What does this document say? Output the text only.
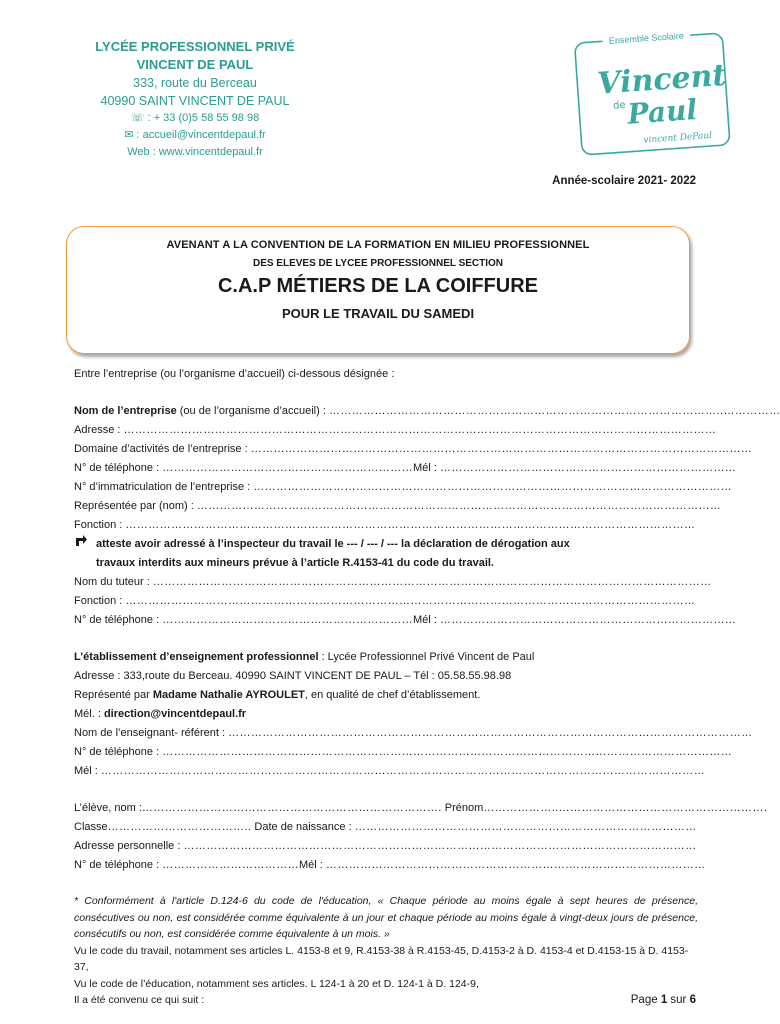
LYCÉE PROFESSIONNEL PRIVÉ
VINCENT DE PAUL
333, route du Berceau
40990 SAINT VINCENT DE PAUL
☏ : + 33 (0)5 58 55 98 98
✉ : accueil@vincentdepaul.fr
Web : www.vincentdepaul.fr
Ensemble Scolaire
Vincent
de Paul
vincent DePaul
Année-scolaire 2021- 2022
AVENANT A LA CONVENTION DE LA FORMATION EN MILIEU PROFESSIONNEL
DES ELEVES DE LYCEE PROFESSIONNEL SECTION
C.A.P MÉTIERS DE LA COIFFURE
POUR LE TRAVAIL DU SAMEDI
Entre l’entreprise (ou l’organisme d’accueil) ci-dessous désignée :
Nom de l’entreprise (ou de l’organisme d’accueil) : …………………………………………………………………………………………..……………
Adresse : …………………………………………………………………………………………………………………………………………
Domaine d’activités de l’entreprise : ……………………………………………………………………………………………………………………
N° de téléphone : …………………………………………………………Mél : ……………………………………………………………………
N° d’immatriculation de l’entreprise : ………………………………………………………………………………………………………………
Représentée par (nom) : …………………………………………………………………………………………………………………………
Fonction : ……………………………………………………………………………………………………………………………………
atteste avoir adressé à l’inspecteur du travail le --- / --- / --- la déclaration de dérogation aux
travaux interdits aux mineurs prévue à l’article R.4153-41 du code du travail.
Nom du tuteur : …………………………………………………………………………………………………………………………………
Fonction : ……………………………………………………………………………………………………………………………………
N° de téléphone : …………………………………………………………Mél : ……………………………………………………………………
L’établissement d’enseignement professionnel : Lycée Professionnel Privé Vincent de Paul
Adresse : 333,route du Berceau. 40990 SAINT VINCENT DE PAUL – Tél : 05.58.55.98.98
Représenté par Madame Nathalie AYROULET, en qualité de chef d’établissement.
Mél. : direction@vincentdepaul.fr
Nom de l’enseignant- référent : …………………………………………………………………………………………………………………………
N° de téléphone : ……………………………………………………………………………………………………………………………………
Mél : ……………………………………………………………………………………………………………………………………………
L’élève, nom :……………………………………………………………………. Prénom………………..……………………………………………….
Classe……………………………….. Date de naissance : ………………………………………………………………………………
Adresse personnelle : ………………………………………………………………………………………………………………………
N° de téléphone : ………………………………Mél : ……………………………………………………….………………………………
* Conformément à l'article D.124-6 du code de l'éducation, « Chaque période au moins égale à sept heures de présence, consécutives ou non, est considérée comme équivalente à un jour et chaque période au moins égale à vingt-deux jours de présence, consécutifs ou non, est considérée comme équivalente à un mois. »
Vu le code du travail, notamment ses articles L. 4153-8 et 9, R.4153-38 à R.4153-45, D.4153-2 à D. 4153-4 et D.4153-15 à D. 4153-37,
Vu le code de l’éducation, notamment ses articles. L 124-1 à 20 et D. 124-1 à D. 124-9,
Il a été convenu ce qui suit :	Page 1 sur 6
